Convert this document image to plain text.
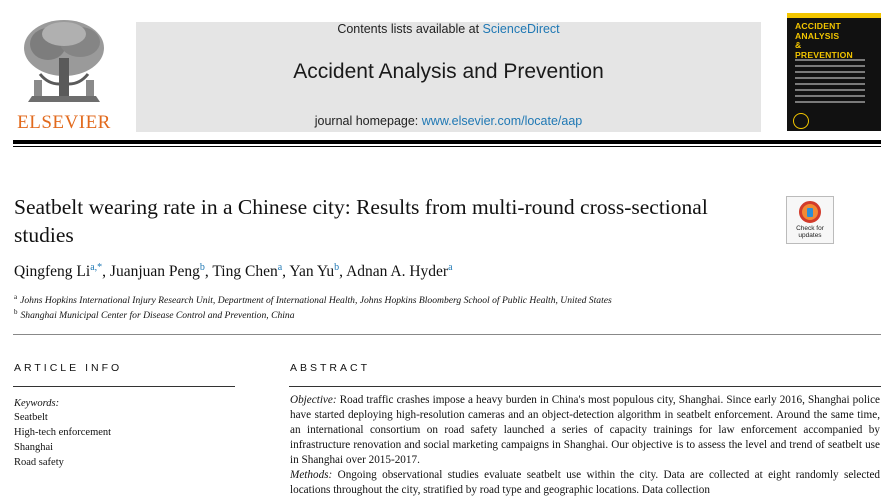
ELSEVIER
Contents lists available at ScienceDirect
Accident Analysis and Prevention
journal homepage: www.elsevier.com/locate/aap
ACCIDENT
ANALYSIS
&
PREVENTION
Seatbelt wearing rate in a Chinese city: Results from multi-round cross-sectional studies	Check for updates
Qingfeng $Li^{a,*}$, Juanjuan Peng$^b$, Ting Chen$^a$, Yan Yu$^b$, Adnan A. Hyder$^a$
$^a$ Johns Hopkins International Injury Research Unit, Department of International Health, Johns Hopkins Bloomberg School of Public Health, United States
$^b$ Shanghai Municipal Center for Disease Control and Prevention, China
ARTICLE INFO
Keywords:
Seatbelt
High-tech enforcement
Shanghai
Road safety
ABSTRACT

Objective: Road traffic crashes impose a heavy burden in China's most populous city, Shanghai. Since early 2016, Shanghai police have started deploying high-resolution cameras and an object-detection algorithm in seatbelt enforcement. Around the same time, an international consortium on road safety launched a series of capacity trainings for law enforcement accompanied by infrastructure renovation and social marketing campaigns in Shanghai. Our objective is to assess the level and trend of seatbelt use in Shanghai over 2015-2017.

Methods: Ongoing observational studies evaluate seatbelt use within the city. Data are collected at eight randomly selected locations throughout the city, stratified by road type and geographic locations. Data collection
